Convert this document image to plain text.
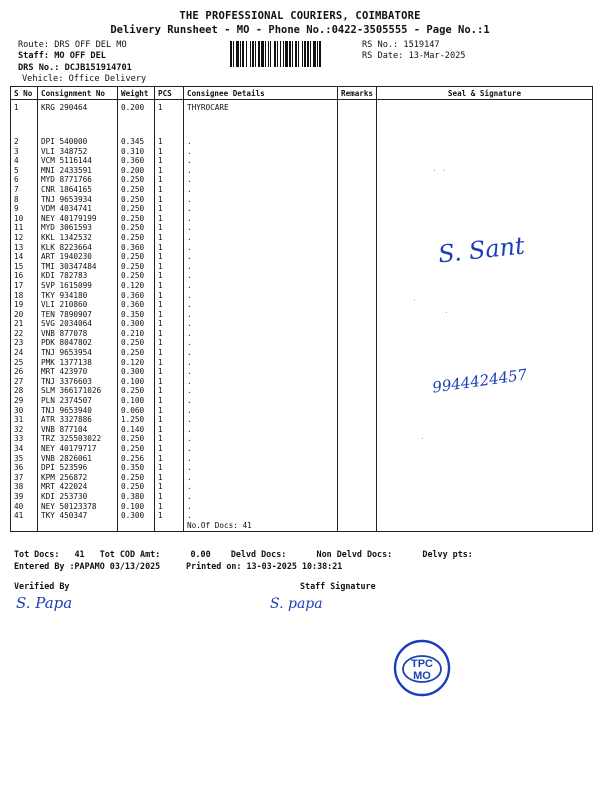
THE PROFESSIONAL COURIERS, COIMBATORE
Delivery Runsheet - MO - Phone No.:0422-3505555 - Page No.:1
Route: DRS OFF DEL MO
Staff: MO OFF DEL
DRS No.: DCJB151914701
Vehicle: Office Delivery
RS No.: 1519147
RS Date: 13-Mar-2025
S No	Consignment No	Weight	PCS	Consignee Details	Remarks	Seal & Signature
1	KRG 290464	0.200	1	THYROCARE		
2	DPI 540000	0.345	1	.		
3	VLI 348752	0.310	1	.		
4	VCM 5116144	0.360	1	.		
5	MNI 2433591	0.200	1	.		
6	MYD 8771766	0.250	1	.		
7	CNR 1864165	0.250	1	.		
8	TNJ 9653934	0.250	1	.		
9	VDM 4034741	0.250	1	.		
10	NEY 40179199	0.250	1	.		
11	MYD 3061593	0.250	1	.		
12	KKL 1342532	0.250	1	.		
13	KLK 8223664	0.360	1	.		
14	ART 1940230	0.250	1	.		
15	TMI 30347484	0.250	1	.		
16	KDI 782783	0.250	1	.		
17	SVP 1615099	0.120	1	.		
18	TKY 934180	0.360	1	.		
19	VLI 210860	0.360	1	.		
20	TEN 7890907	0.350	1	.		
21	SVG 2034064	0.300	1	.		
22	VNB 877078	0.210	1	.		
23	PDK 8047802	0.250	1	.		
24	TNJ 9653954	0.250	1	.		
25	PMK 1377138	0.120	1	.		
26	MRT 423970	0.300	1	.		
27	TNJ 3376603	0.100	1	.		
28	SLM 366171026	0.250	1	.		
29	PLN 2374507	0.100	1	.		
30	TNJ 9653940	0.060	1	.		
31	ATR 3327886	1.250	1	.		
32	VNB 877104	0.140	1	.		
33	TRZ 325503022	0.250	1	.		
34	NEY 40179717	0.250	1	.		
35	VNB 2826061	0.256	1	.		
36	DPI 523596	0.350	1	.		
37	KPM 256872	0.250	1	.		
38	MRT 422024	0.250	1	.		
39	KDI 253730	0.380	1	.		
40	NEY 50123378	0.100	1	.		
41	TKY 450347	0.300	1	.		
				No.Of Docs: 41		
Tot Docs:   41   Tot COD Amt:      0.00    Delvd Docs:      Non Delvd Docs:      Delvy pts:
Entered By :PAPAMO 03/13/2025	Printed on: 13-03-2025 10:38:21
Verified By	Staff Signature
S. Papa	S. papa
S. Sant
9944424457
· ·
·
·
·
TPC
MO
